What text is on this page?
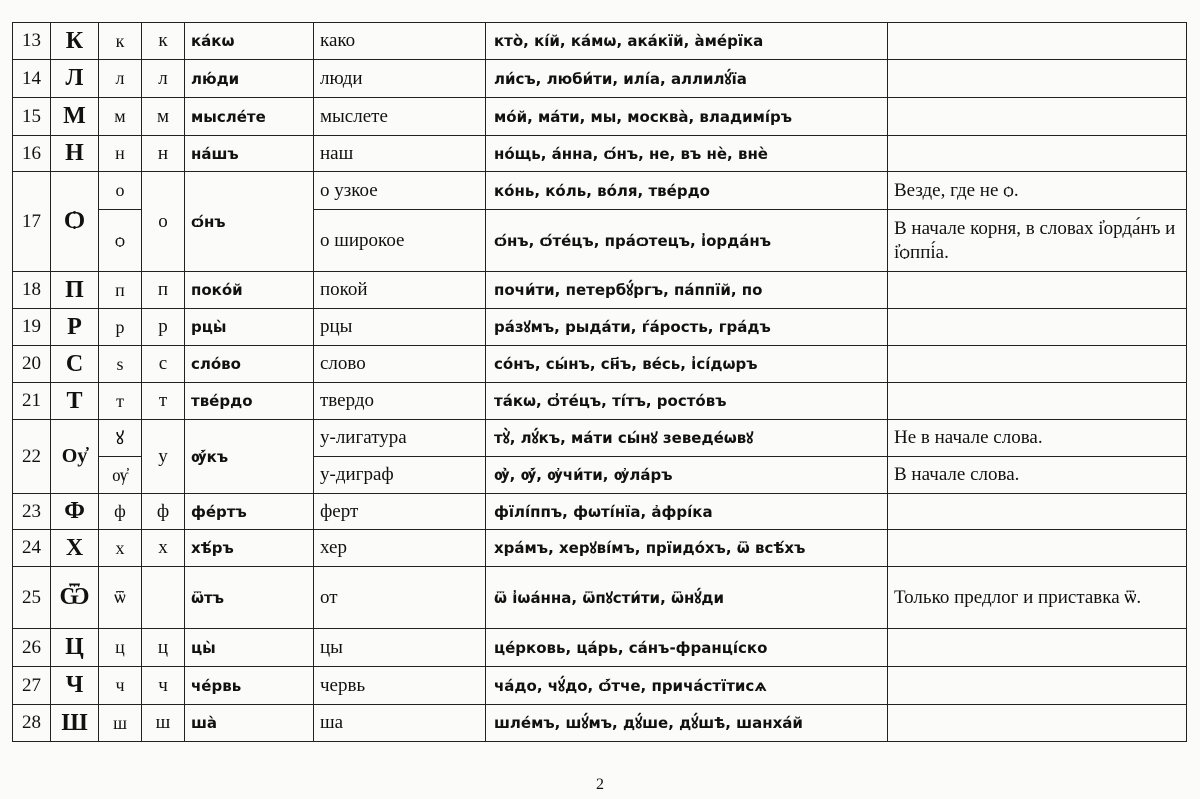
13	К	к	к	ка́кѡ	како	кто̀, кі́й, ка́мѡ, ака́кїй, а̀ме́рїка	
14	Л	л	л	лю́ди	люди	ли́съ, люби́ти, илі́а, аллилꙋ́їа	
15	М	м	м	мысле́те	мыслете	мо́й, ма́ти, мы, москва̀, владимі́ръ	
16	Н	н	н	на́шъ	наш	но́щь, а́нна, ѻ́нъ, не, въ нѐ, внѐ	
17	Ѻ	о	о	ѻ́нъ	о узкое	ко́нь, ко́ль, во́ля, тве́рдо	Везде, где не ѻ.
		ѻ			о широкое	ѻ́нъ, ѻ́те́цъ, пра́ѻтецъ, і̓орда́нъ	В начале корня, в словах і̓орда́нъ и і̓ѻппі́а.
18	П	п	п	поко́й	покой	почи́ти, петербꙋ́ргъ, па́ппїй, по	
19	Р	р	р	рцы̀	рцы	ра́зꙋмъ, рыда́ти, ѓа́рость, гра́дъ	
20	С	ѕ	с	сло́во	слово	со́нъ, сы́нъ, сн҃ъ, ве́сь, і̓сі́дѡръ	
21	Т	т	т	тве́рдо	твердо	та́кѡ, ѻ̓те́цъ, ті́тъ, росто́въ	
22	Оу҆	ꙋ	у	ѹ҆́къ	у-лигатура	тꙋ̀, лꙋ́къ, ма́ти сы́нꙋ зеведе́ѡвꙋ	Не в начале слова.
		ѹ҆			у-диграф	ѹ҆̀, ѹ҆́, ѹ҆чи́ти, ѹ҆ла́ръ	В начале слова.
23	Ф	ф	ф	фе́ртъ	ферт	фїлі́ппъ, фѡті́нїа, а҆фрі́ка	
24	Х	х	х	хѣ́ръ	хер	хра́мъ, херꙋві́мъ, прїидо́хъ, ѿ всѣ́хъ	
25	Ѿ	ѿ		ѿтъ	от	ѿ і̓ѡа́нна, ѿпꙋсти́ти, ѿнꙋ́ди	Только предлог и приставка ѿ.
26	Ц	ц	ц	цы̀	цы	це́рковь, ца́рь, са́нъ-франці́ско	
27	Ч	ч	ч	че́рвь	червь	ча́до, чꙋ́до, ѻ҆́тче, прича́стїтисѧ	
28	Ш	ш	ш	ша̀	ша	шле́мъ, шꙋ́мъ, дꙋ́ше, дꙋ́шѣ, шанха́й	
2
